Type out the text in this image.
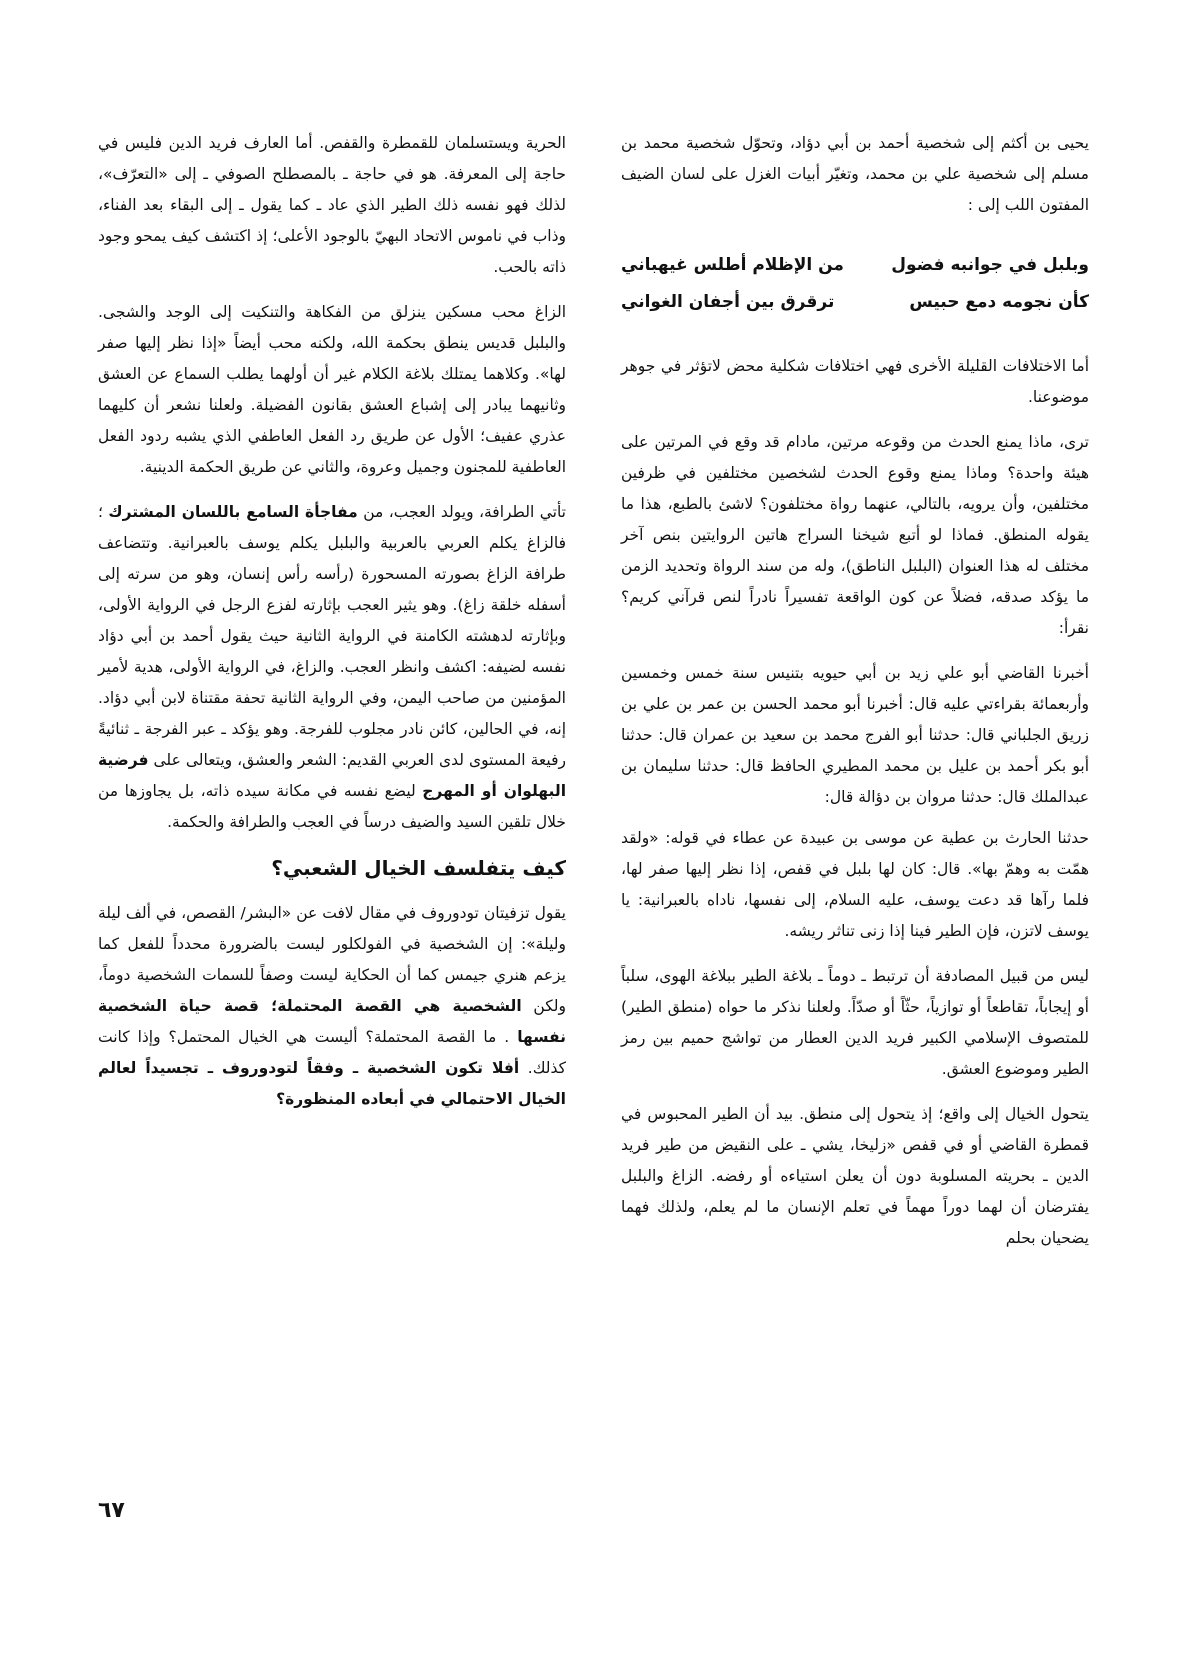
يحيى بن أكثم إلى شخصية أحمد بن أبي دؤاد، وتحوّل شخصية محمد بن مسلم إلى شخصية علي بن محمد، وتغيّر أبيات الغزل على لسان الضيف المفتون اللب إلى :

وبلبل في جوانبه فضول
من الإظلام أطلس غيهباني
كأن نجومه دمع حبيس
ترقرق بين أجفان الغواني

أما الاختلافات القليلة الأخرى فهي اختلافات شكلية محض لاتؤثر في جوهر موضوعنا.

ترى، ماذا يمنع الحدث من وقوعه مرتين، مادام قد وقع في المرتين على هيئة واحدة؟ وماذا يمنع وقوع الحدث لشخصين مختلفين في ظرفين مختلفين، وأن يرويه، بالتالي، عنهما رواة مختلفون؟ لاشئ بالطبع، هذا ما يقوله المنطق. فماذا لو أتبع شيخنا السراج هاتين الروايتين بنص آخر مختلف له هذا العنوان (البلبل الناطق)، وله من سند الرواة وتحديد الزمن ما يؤكد صدقه، فضلاً عن كون الواقعة تفسيراً نادراً لنص قرآني كريم؟ نقرأ:

أخبرنا القاضي أبو علي زيد بن أبي حيويه بتنيس سنة خمس وخمسين وأربعمائة بقراءتي عليه قال: أخبرنا أبو محمد الحسن بن عمر بن علي بن زريق الجلباني قال: حدثنا أبو الفرج محمد بن سعيد بن عمران قال: حدثنا أبو بكر أحمد بن عليل بن محمد المطيري الحافظ قال: حدثنا سليمان بن عبدالملك قال: حدثنا مروان بن دؤالة قال:

حدثنا الحارث بن عطية عن موسى بن عبيدة عن عطاء في قوله: «ولقد همّت به وهمّ بها». قال: كان لها بلبل في قفص، إذا نظر إليها صفر لها، فلما رآها قد دعت يوسف، عليه السلام، إلى نفسها، ناداه بالعبرانية: يا يوسف لاتزن، فإن الطير فينا إذا زنى تناثر ريشه.

ليس من قبيل المصادفة أن ترتبط ـ دوماً ـ بلاغة الطير ببلاغة الهوى، سلباً أو إيجاباً، تقاطعاً أو توازياً، حثّاً أو صدّاً. ولعلنا نذكر ما حواه (منطق الطير) للمتصوف الإسلامي الكبير فريد الدين العطار من تواشج حميم بين رمز الطير وموضوع العشق.

يتحول الخيال إلى واقع؛ إذ يتحول إلى منطق. بيد أن الطير المحبوس في قمطرة القاضي أو في قفص «زليخا، يشي ـ على النقيض من طير فريد الدين ـ بحريته المسلوبة دون أن يعلن استياءه أو رفضه. الزاغ والبلبل يفترضان أن لهما دوراً مهماً في تعلم الإنسان ما لم يعلم، ولذلك فهما يضحيان بحلم

الحرية ويستسلمان للقمطرة والقفص. أما العارف فريد الدين فليس في حاجة إلى المعرفة. هو في حاجة ـ بالمصطلح الصوفي ـ إلى «التعرّف»، لذلك فهو نفسه ذلك الطير الذي عاد ـ كما يقول ـ إلى البقاء بعد الفناء، وذاب في ناموس الاتحاد البهيّ بالوجود الأعلى؛ إذ اكتشف كيف يمحو وجود ذاته بالحب.

الزاغ محب مسكين ينزلق من الفكاهة والتنكيت إلى الوجد والشجى. والبلبل قديس ينطق بحكمة الله، ولكنه محب أيضاً «إذا نظر إليها صفر لها». وكلاهما يمتلك بلاغة الكلام غير أن أولهما يطلب السماع عن العشق وثانيهما يبادر إلى إشباع العشق بقانون الفضيلة. ولعلنا نشعر أن كليهما عذري عفيف؛ الأول عن طريق رد الفعل العاطفي الذي يشبه ردود الفعل العاطفية للمجنون وجميل وعروة، والثاني عن طريق الحكمة الدينية.

تأتي الطرافة، ويولد العجب، من مفاجأة السامع باللسان المشترك ؛ فالزاغ يكلم العربي بالعربية والبلبل يكلم يوسف بالعبرانية. وتتضاعف طرافة الزاغ بصورته المسحورة (رأسه رأس إنسان، وهو من سرته إلى أسفله خلقة زاغ). وهو يثير العجب بإثارته لفزع الرجل في الرواية الأولى، وبإثارته لدهشته الكامنة في الرواية الثانية حيث يقول أحمد بن أبي دؤاد نفسه لضيفه: اكشف وانظر العجب. والزاغ، في الرواية الأولى، هدية لأمير المؤمنين من صاحب اليمن، وفي الرواية الثانية تحفة مقتناة لابن أبي دؤاد. إنه، في الحالين، كائن نادر مجلوب للفرجة. وهو يؤكد ـ عبر الفرجة ـ ثنائيةً رفيعة المستوى لدى العربي القديم: الشعر والعشق، ويتعالى على فرضية البهلوان أو المهرج ليضع نفسه في مكانة سيده ذاته، بل يجاوزها من خلال تلقين السيد والضيف درساً في العجب والطرافة والحكمة.

كيف يتفلسف الخيال الشعبي؟

يقول تزفيتان تودوروف في مقال لافت عن «البشر/ القصص، في ألف ليلة وليلة»: إن الشخصية في الفولكلور ليست بالضرورة محدداً للفعل كما يزعم هنري جيمس كما أن الحكاية ليست وصفاً للسمات الشخصية دوماً، ولكن الشخصية هي القصة المحتملة؛ قصة حياة الشخصية نفسها . ما القصة المحتملة؟ أليست هي الخيال المحتمل؟ وإذا كانت كذلك. أفلا تكون الشخصية ـ وفقاً لتودوروف ـ تجسيداً لعالم الخيال الاحتمالي في أبعاده المنظورة؟

٦٧
